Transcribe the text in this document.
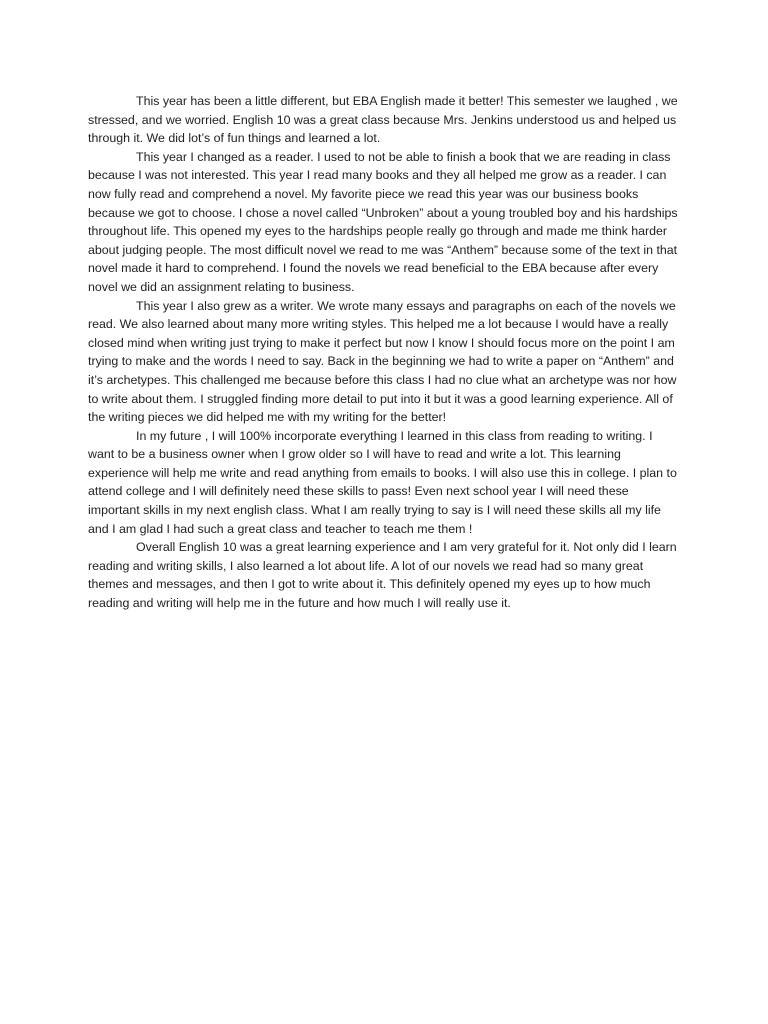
This year has been a little different, but EBA English made it better! This semester we laughed , we stressed, and we worried. English 10 was a great class because Mrs. Jenkins understood us and helped us through it. We did lot’s of fun things and learned a lot.

This year I changed as a reader. I used to not be able to finish a book that we are reading in class because I was not interested. This year I read many books and they all helped me grow as a reader. I can now fully read and comprehend a novel. My favorite piece we read this year was our business books because we got to choose. I chose a novel called “Unbroken” about a young troubled boy and his hardships throughout life. This opened my eyes to the hardships people really go through and made me think harder about judging people. The most difficult novel we read to me was “Anthem” because some of the text in that novel made it hard to comprehend. I found the novels we read beneficial to the EBA because after every novel we did an assignment relating to business.

This year I also grew as a writer. We wrote many essays and paragraphs on each of the novels we read. We also learned about many more writing styles. This helped me a lot because I would have a really closed mind when writing just trying to make it perfect but now I know I should focus more on the point I am trying to make and the words I need to say. Back in the beginning we had to write a paper on “Anthem” and it’s archetypes. This challenged me because before this class I had no clue what an archetype was nor how to write about them. I struggled finding more detail to put into it but it was a good learning experience. All of the writing pieces we did helped me with my writing for the better!

In my future , I will 100% incorporate everything I learned in this class from reading to writing. I want to be a business owner when I grow older so I will have to read and write a lot. This learning experience will help me write and read anything from emails to books. I will also use this in college. I plan to attend college and I will definitely need these skills to pass! Even next school year I will need these important skills in my next english class. What I am really trying to say is I will need these skills all my life and I am glad I had such a great class and teacher to teach me them !

Overall English 10 was a great learning experience and I am very grateful for it. Not only did I learn reading and writing skills, I also learned a lot about life. A lot of our novels we read had so many great themes and messages, and then I got to write about it. This definitely opened my eyes up to how much reading and writing will help me in the future and how much I will really use it.
